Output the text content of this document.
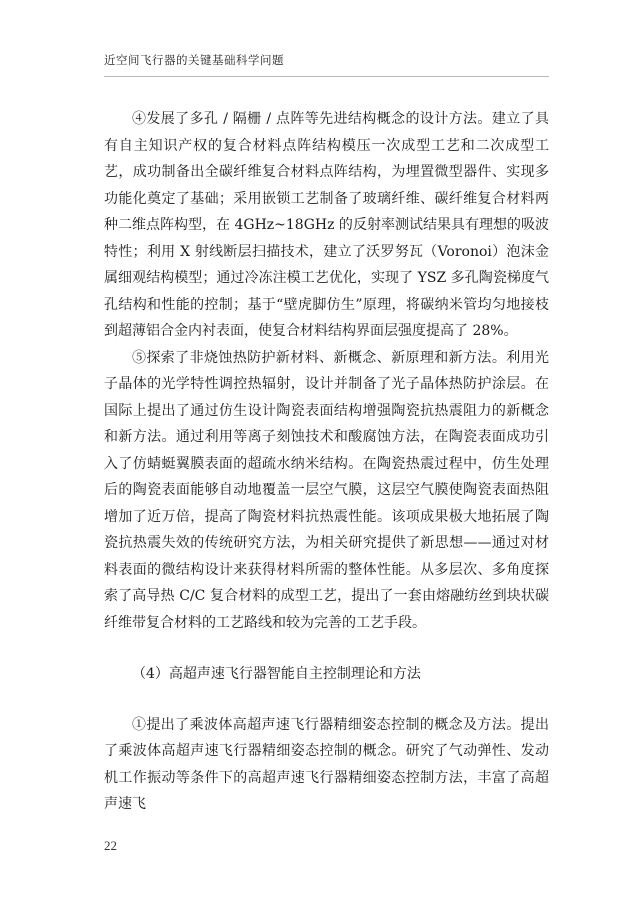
近空间飞行器的关键基础科学问题

④发展了多孔 / 隔栅 / 点阵等先进结构概念的设计方法。建立了具有自主知识产权的复合材料点阵结构模压一次成型工艺和二次成型工艺，成功制备出全碳纤维复合材料点阵结构，为埋置微型器件、实现多功能化奠定了基础；采用嵌锁工艺制备了玻璃纤维、碳纤维复合材料两种二维点阵构型，在 4GHz~18GHz 的反射率测试结果具有理想的吸波特性；利用 X 射线断层扫描技术，建立了沃罗努瓦（Voronoi）泡沫金属细观结构模型；通过冷冻注模工艺优化，实现了 YSZ 多孔陶瓷梯度气孔结构和性能的控制；基于“壁虎脚仿生”原理，将碳纳米管均匀地接枝到超薄铝合金内衬表面，使复合材料结构界面层强度提高了 28%。

⑤探索了非烧蚀热防护新材料、新概念、新原理和新方法。利用光子晶体的光学特性调控热辐射，设计并制备了光子晶体热防护涂层。在国际上提出了通过仿生设计陶瓷表面结构增强陶瓷抗热震阻力的新概念和新方法。通过利用等离子刻蚀技术和酸腐蚀方法，在陶瓷表面成功引入了仿蜻蜓翼膜表面的超疏水纳米结构。在陶瓷热震过程中，仿生处理后的陶瓷表面能够自动地覆盖一层空气膜，这层空气膜使陶瓷表面热阻增加了近万倍，提高了陶瓷材料抗热震性能。该项成果极大地拓展了陶瓷抗热震失效的传统研究方法，为相关研究提供了新思想——通过对材料表面的微结构设计来获得材料所需的整体性能。从多层次、多角度探索了高导热 C/C 复合材料的成型工艺，提出了一套由熔融纺丝到块状碳纤维带复合材料的工艺路线和较为完善的工艺手段。

（4）高超声速飞行器智能自主控制理论和方法

①提出了乘波体高超声速飞行器精细姿态控制的概念及方法。提出了乘波体高超声速飞行器精细姿态控制的概念。研究了气动弹性、发动机工作振动等条件下的高超声速飞行器精细姿态控制方法，丰富了高超声速飞

22
